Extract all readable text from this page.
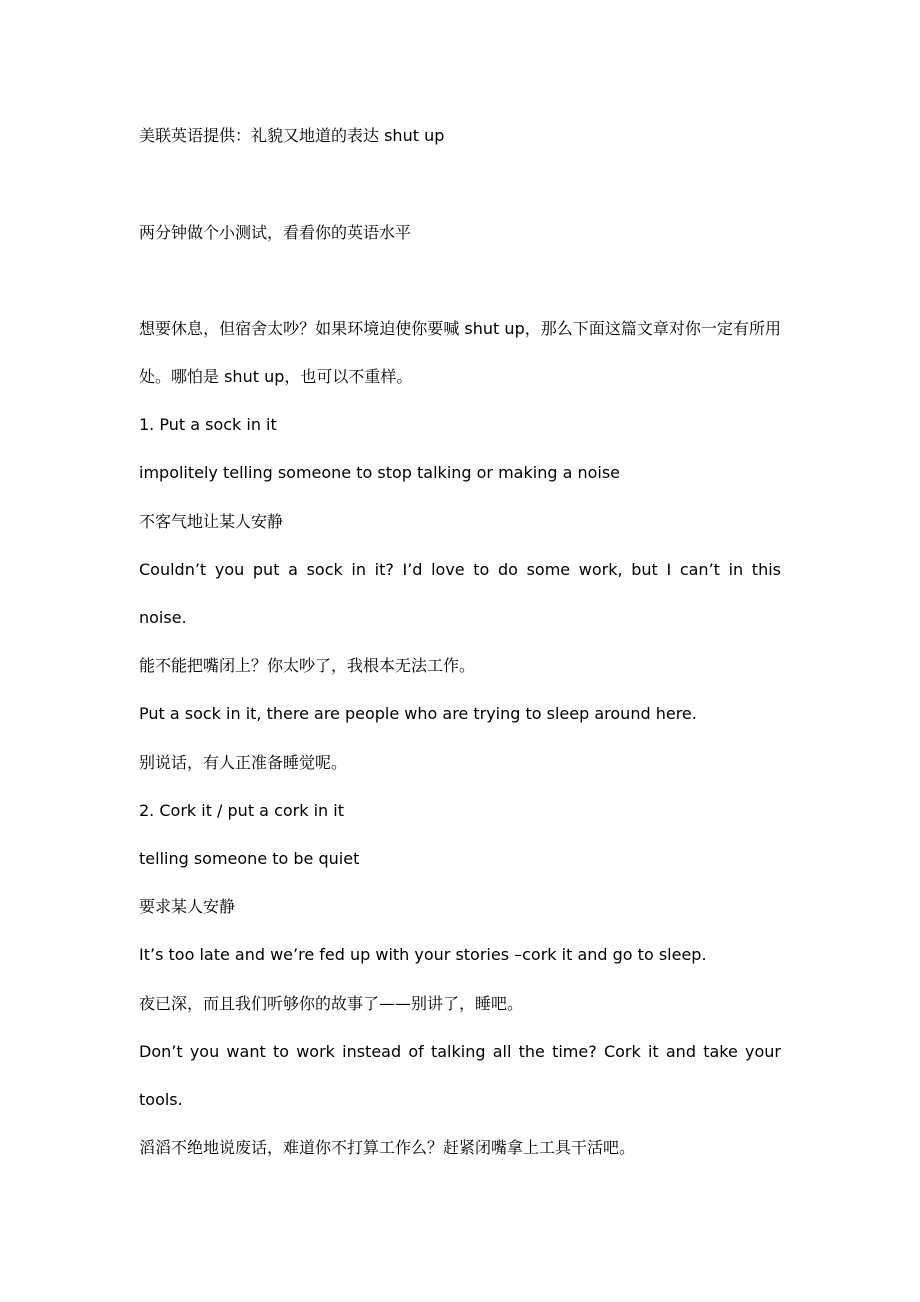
美联英语提供：礼貌又地道的表达 shut up

两分钟做个小测试，看看你的英语水平

想要休息，但宿舍太吵？如果环境迫使你要喊 shut up，那么下面这篇文章对你一定有所用

处。哪怕是 shut up，也可以不重样。

1. Put a sock in it

impolitely telling someone to stop talking or making a noise

不客气地让某人安静

Couldn’t you put a sock in it? I’d love to do some work, but I can’t in this

noise.

能不能把嘴闭上？你太吵了，我根本无法工作。

Put a sock in it, there are people who are trying to sleep around here.

别说话，有人正准备睡觉呢。

2. Cork it / put a cork in it

telling someone to be quiet

要求某人安静

It’s too late and we’re fed up with your stories –cork it and go to sleep.

夜已深，而且我们听够你的故事了——别讲了，睡吧。

Don’t you want to work instead of talking all the time? Cork it and take your

tools.

滔滔不绝地说废话，难道你不打算工作么？赶紧闭嘴拿上工具干活吧。
